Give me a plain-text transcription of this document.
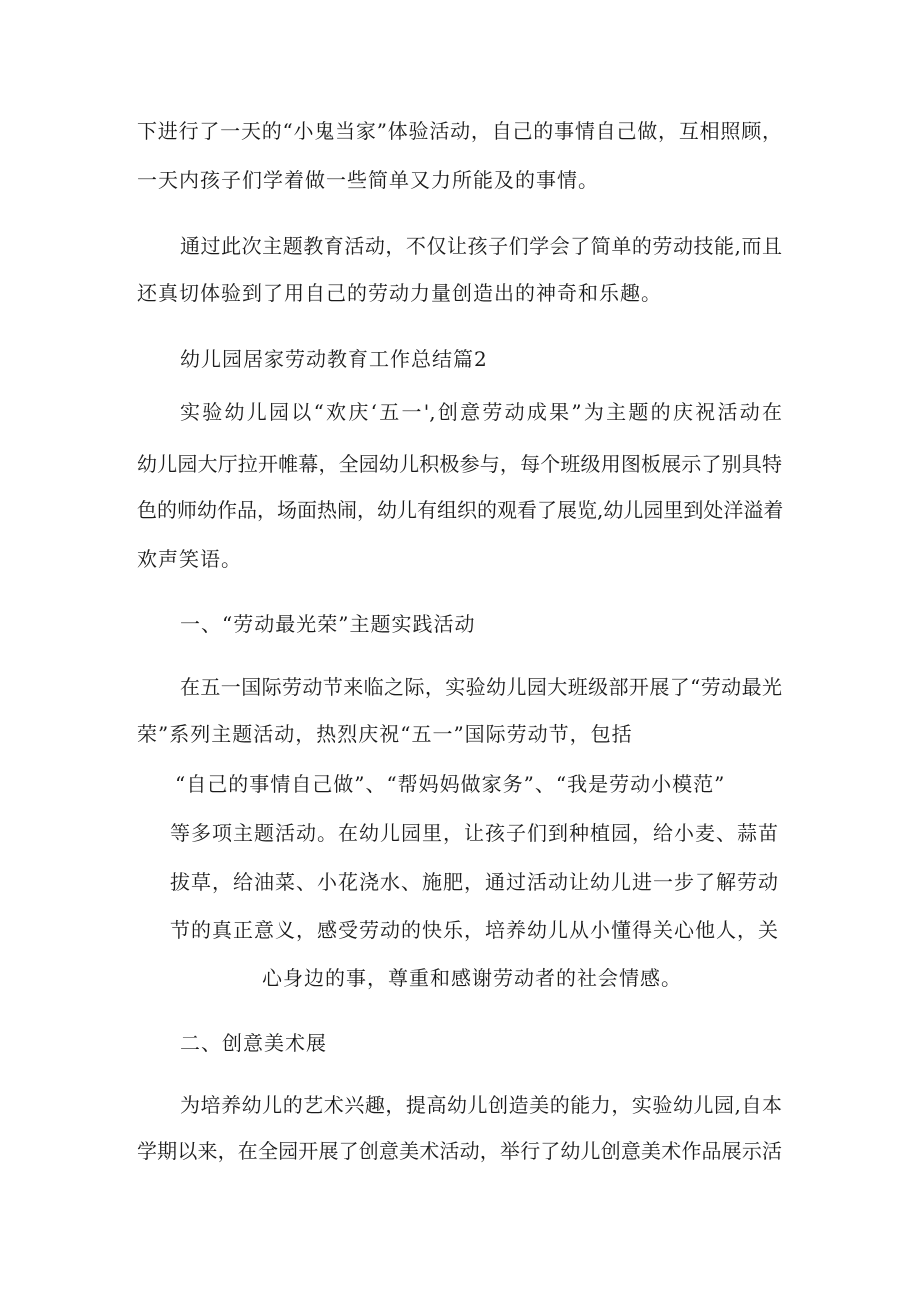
下进行了一天的“小鬼当家”体验活动，自己的事情自己做，互相照顾，
一天内孩子们学着做一些简单又力所能及的事情。
通过此次主题教育活动，不仅让孩子们学会了简单的劳动技能,而且
还真切体验到了用自己的劳动力量创造出的神奇和乐趣。
幼儿园居家劳动教育工作总结篇2
实验幼儿园以“欢庆‘五一',创意劳动成果”为主题的庆祝活动在
幼儿园大厅拉开帷幕，全园幼儿积极参与，每个班级用图板展示了别具特
色的师幼作品，场面热闹，幼儿有组织的观看了展览,幼儿园里到处洋溢着
欢声笑语。
一、“劳动最光荣”主题实践活动
在五一国际劳动节来临之际，实验幼儿园大班级部开展了“劳动最光
荣”系列主题活动，热烈庆祝“五一”国际劳动节，包括
“自己的事情自己做”、“帮妈妈做家务”、“我是劳动小模范”
等多项主题活动。在幼儿园里，让孩子们到种植园，给小麦、蒜苗
拔草，给油菜、小花浇水、施肥，通过活动让幼儿进一步了解劳动
节的真正意义，感受劳动的快乐，培养幼儿从小懂得关心他人，关
心身边的事，尊重和感谢劳动者的社会情感。
二、创意美术展
为培养幼儿的艺术兴趣，提高幼儿创造美的能力，实验幼儿园,自本
学期以来，在全园开展了创意美术活动，举行了幼儿创意美术作品展示活
